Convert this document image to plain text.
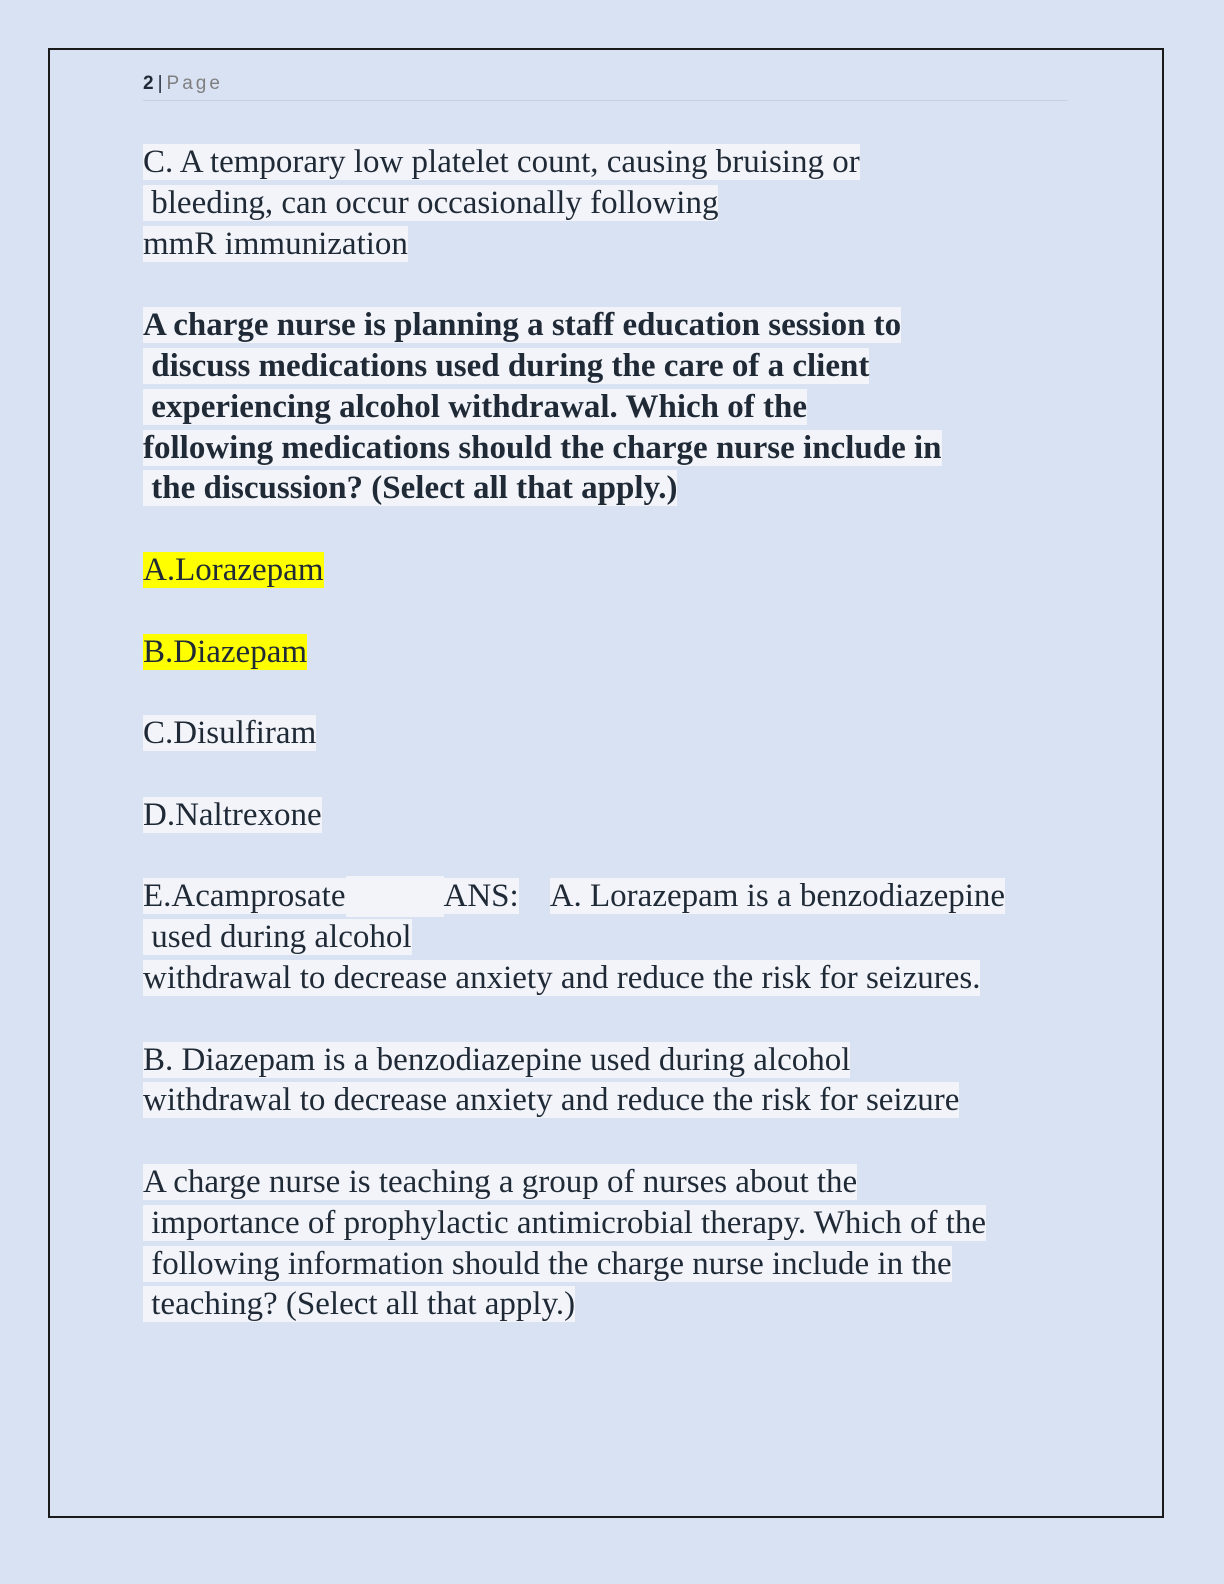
2 | Page
C. A temporary low platelet count, causing bruising or
bleeding, can occur occasionally following
mmR immunization
A charge nurse is planning a staff education session to
discuss medications used during the care of a client
experiencing alcohol withdrawal. Which of the
following medications should the charge nurse include in
the discussion? (Select all that apply.)
A.Lorazepam
B.Diazepam
C.Disulfiram
D.Naltrexone
E.Acamprosate	ANS: A. Lorazepam is a benzodiazepine
used during alcohol
withdrawal to decrease anxiety and reduce the risk for seizures.
B. Diazepam is a benzodiazepine used during alcohol
withdrawal to decrease anxiety and reduce the risk for seizure
A charge nurse is teaching a group of nurses about the
importance of prophylactic antimicrobial therapy. Which of the
following information should the charge nurse include in the
teaching? (Select all that apply.)
